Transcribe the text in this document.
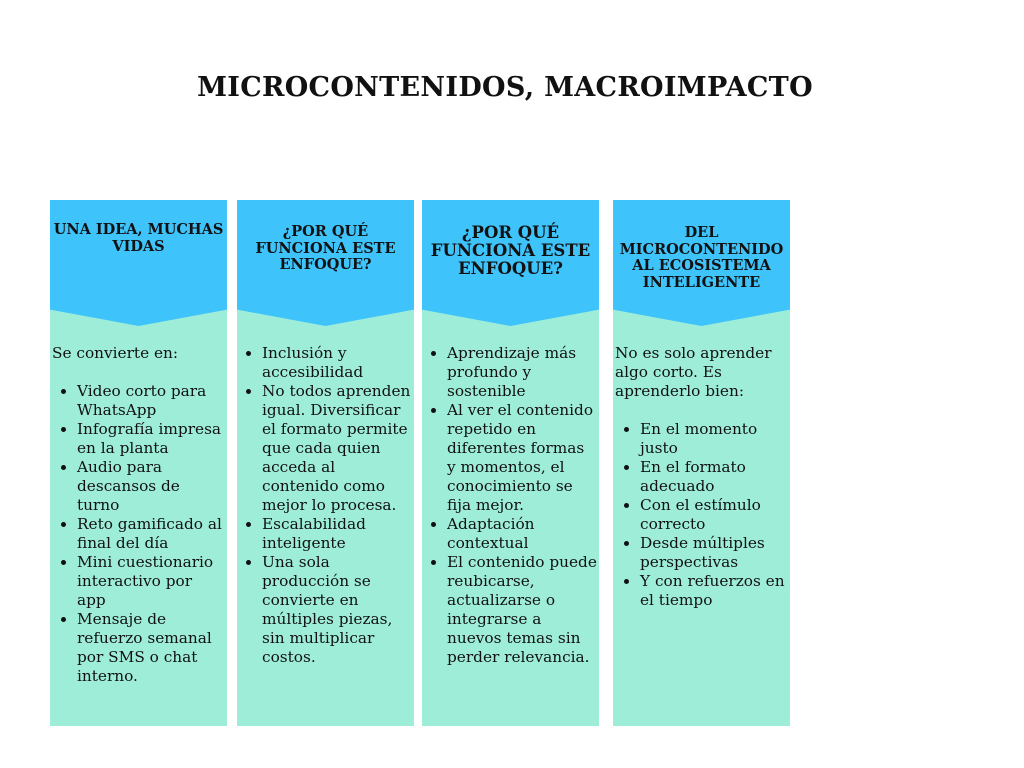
MICROCONTENIDOS, MACROIMPACTO
UNA IDEA, MUCHAS VIDAS

Se convierte en:

• Video corto para WhatsApp
• Infografía impresa en la planta
• Audio para descansos de turno
• Reto gamificado al final del día
• Mini cuestionario interactivo por app
• Mensaje de refuerzo semanal por SMS o chat interno.
¿POR QUÉ FUNCIONA ESTE ENFOQUE?
• Inclusión y accesibilidad
• No todos aprenden igual. Diversificar el formato permite que cada quien acceda al contenido como mejor lo procesa.
• Escalabilidad inteligente
• Una sola producción se convierte en múltiples piezas, sin multiplicar costos.
¿POR QUÉ FUNCIONA ESTE ENFOQUE?
• Aprendizaje más profundo y sostenible
• Al ver el contenido repetido en diferentes formas y momentos, el conocimiento se fija mejor.
• Adaptación contextual
• El contenido puede reubicarse, actualizarse o integrarse a nuevos temas sin perder relevancia.
DEL MICROCONTENIDO AL ECOSISTEMA INTELIGENTE

No es solo aprender algo corto. Es aprenderlo bien:

• En el momento justo
• En el formato adecuado
• Con el estímulo correcto
• Desde múltiples perspectivas
• Y con refuerzos en el tiempo
